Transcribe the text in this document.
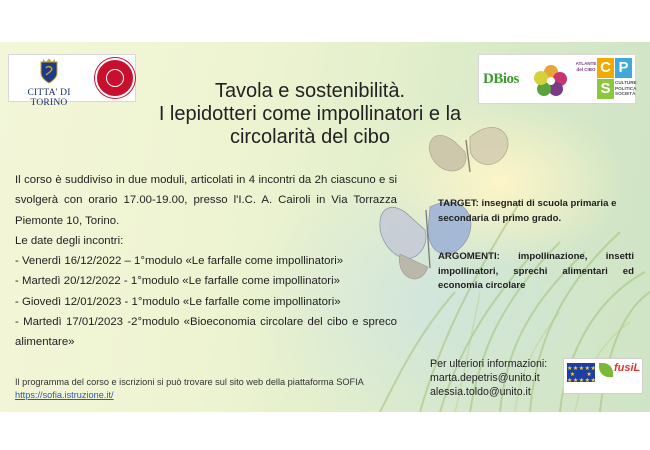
CITTA' DI TORINO
DBios
ATLANTE del CIBO C P
S CULTURE
POLITICA
SOCIETÀ
Tavola e sostenibilità.
I lepidotteri come impollinatori e la
circolarità del cibo

Il corso è suddiviso in due moduli, articolati in 4 incontri da 2h ciascuno e si svolgerà con orario 17.00-19.00, presso l'I.C. A. Cairoli in Via Torrazza Piemonte 10, Torino.

Le date degli incontri:

- Venerdì 16/12/2022 – 1°modulo «Le farfalle come impollinatori»

- Martedì 20/12/2022 - 1°modulo «Le farfalle come impollinatori»

- Giovedì 12/01/2023 - 1°modulo «Le farfalle come impollinatori»

- Martedì 17/01/2023 -2°modulo «Bioeconomia circolare del cibo e spreco alimentare»

TARGET: insegnati di scuola primaria e secondaria di primo grado.
ARGOMENTI: impollinazione, insetti impollinatori, sprechi alimentari ed economia circolare
Il programma del corso e iscrizioni si può trovare sul sito web della piattaforma SOFIA
https://sofia.istruzione.it/
Per ulteriori informazioni:
marta.depetris@unito.it
alessia.toldo@unito.it
★★★★★
★     ★
★★★★★
fusiL
